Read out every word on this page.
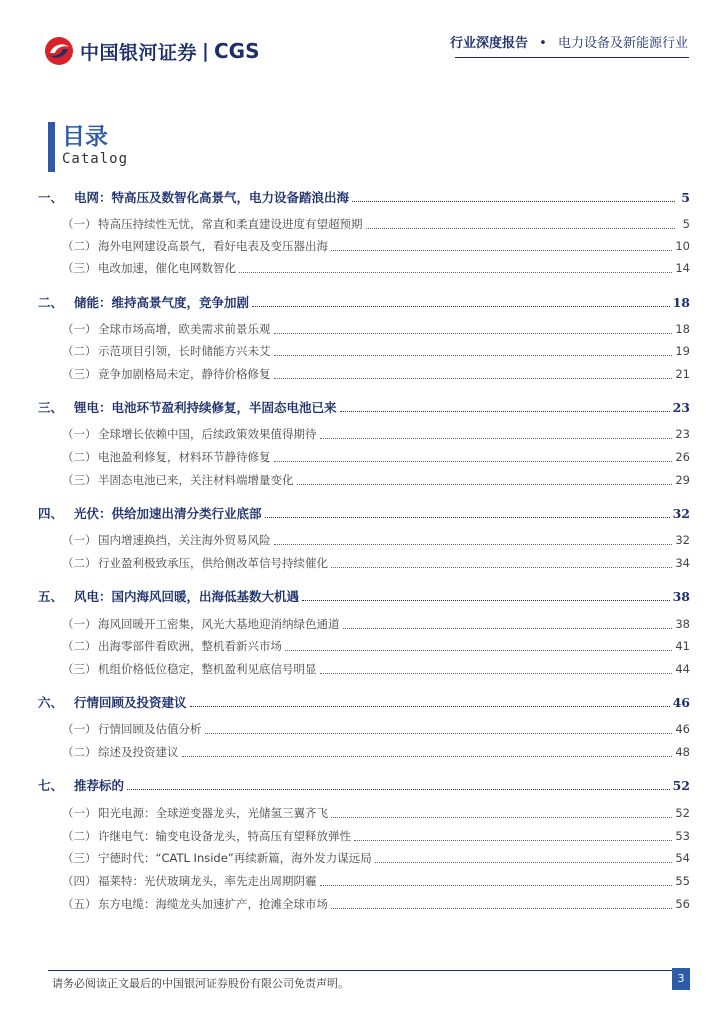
中国银河证券 | CGS	行业深度报告 • 电力设备及新能源行业
目录
Catalog
一、 电网：特高压及数智化高景气，电力设备踏浪出海	5
（一） 特高压持续性无忧，常直和柔直建设进度有望超预期	5
（二） 海外电网建设高景气，看好电表及变压器出海	10
（三） 电改加速，催化电网数智化	14
二、 储能：维持高景气度，竞争加剧	18
（一） 全球市场高增，欧美需求前景乐观	18
（二） 示范项目引领，长时储能方兴未艾	19
（三） 竞争加剧格局未定，静待价格修复	21
三、 锂电：电池环节盈利持续修复，半固态电池已来	23
（一） 全球增长依赖中国，后续政策效果值得期待	23
（二） 电池盈利修复，材料环节静待修复	26
（三） 半固态电池已来，关注材料端增量变化	29
四、 光伏：供给加速出清分类行业底部	32
（一） 国内增速换挡，关注海外贸易风险	32
（二） 行业盈利极致承压，供给侧改革信号持续催化	34
五、 风电：国内海风回暖，出海低基数大机遇	38
（一） 海风回暖开工密集，风光大基地迎消纳绿色通道	38
（二） 出海零部件看欧洲，整机看新兴市场	41
（三） 机组价格低位稳定，整机盈利见底信号明显	44
六、 行情回顾及投资建议	46
（一） 行情回顾及估值分析	46
（二） 综述及投资建议	48
七、 推荐标的	52
（一） 阳光电源：全球逆变器龙头，光储氢三翼齐飞	52
（二） 许继电气：输变电设备龙头，特高压有望释放弹性	53
（三） 宁德时代：“CATL Inside”再续新篇，海外发力谋远局	54
（四） 福莱特：光伏玻璃龙头，率先走出周期阴霾	55
（五） 东方电缆：海缆龙头加速扩产，抢滩全球市场	56
请务必阅读正文最后的中国银河证券股份有限公司免责声明。	3
